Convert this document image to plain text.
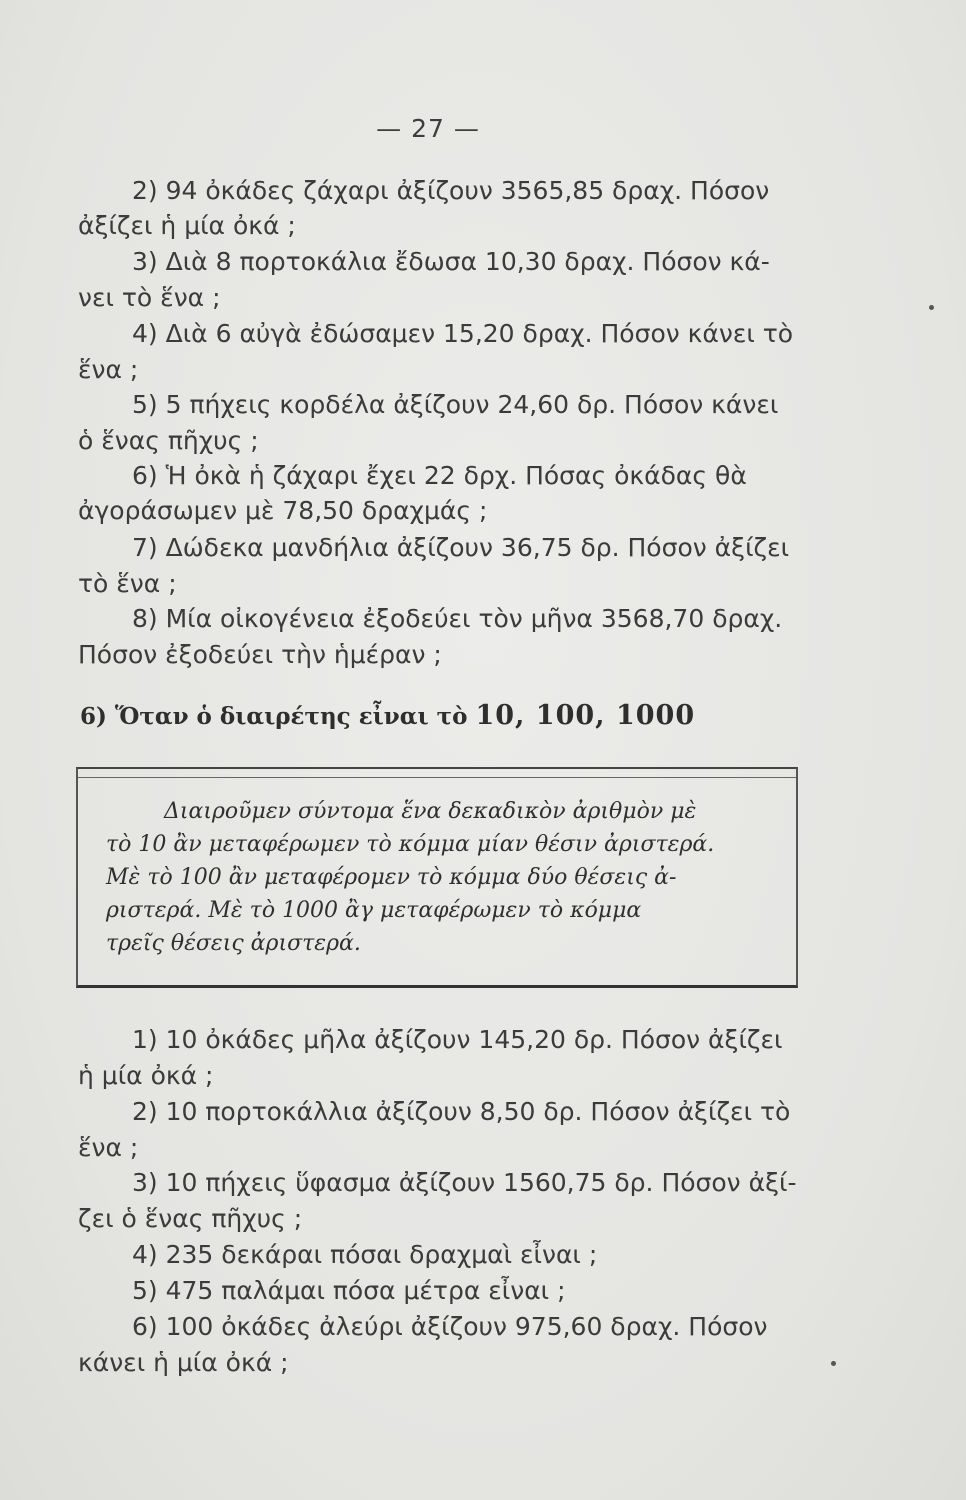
— 27 —
2) 94 ὀκάδες ζάχαρι ἀξίζουν 3565,85 δραχ. Πόσον
ἀξίζει ἡ μία ὀκά ;
3) Διὰ 8 πορτοκάλια ἔδωσα 10,30 δραχ. Πόσον κά-
νει τὸ ἕνα ;
4) Διὰ 6 αὐγὰ ἐδώσαμεν 15,20 δραχ. Πόσον κάνει τὸ
ἕνα ;
5) 5 πήχεις κορδέλα ἀξίζουν 24,60 δρ. Πόσον κάνει
ὁ ἕνας πῆχυς ;
6) Ἡ ὀκὰ ἡ ζάχαρι ἔχει 22 δρχ. Πόσας ὀκάδας θὰ
ἀγοράσωμεν μὲ 78,50 δραχμάς ;
7) Δώδεκα μανδήλια ἀξίζουν 36,75 δρ. Πόσον ἀξίζει
τὸ ἕνα ;
8) Μία οἰκογένεια ἐξοδεύει τὸν μῆνα 3568,70 δραχ.
Πόσον ἐξοδεύει τὴν ἡμέραν ;
6) Ὅταν ὁ διαιρέτης εἶναι τὸ 10, 100, 1000
Διαιροῦμεν σύντομα ἕνα δεκαδικὸν ἀριθμὸν μὲ
τὸ 10 ἂν μεταφέρωμεν τὸ κόμμα μίαν θέσιν ἀριστερά.
Μὲ τὸ 100 ἂν μεταφέρομεν τὸ κόμμα δύο θέσεις ἀ-
ριστερά. Μὲ τὸ 1000 ἂγ μεταφέρωμεν τὸ κόμμα
τρεῖς θέσεις ἀριστερά.
1) 10 ὀκάδες μῆλα ἀξίζουν 145,20 δρ. Πόσον ἀξίζει
ἡ μία ὀκά ;
2) 10 πορτοκάλλια ἀξίζουν 8,50 δρ. Πόσον ἀξίζει τὸ
ἕνα ;
3) 10 πήχεις ὕφασμα ἀξίζουν 1560,75 δρ. Πόσον ἀξί-
ζει ὁ ἕνας πῆχυς ;
4) 235 δεκάραι πόσαι δραχμαὶ εἶναι ;
5) 475 παλάμαι πόσα μέτρα εἶναι ;
6) 100 ὀκάδες ἀλεύρι ἀξίζουν 975,60 δραχ. Πόσον
κάνει ἡ μία ὀκά ;
